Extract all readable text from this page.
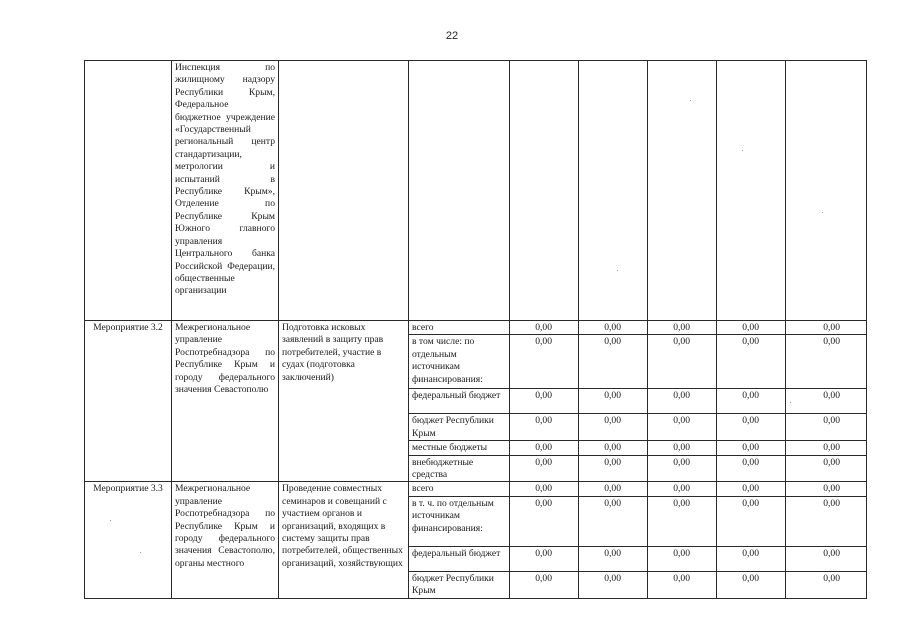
22

	Инспекция по жилищному надзору Республики Крым, Федеральное бюджетное учреждение «Государственный региональный центр стандартизации, метрологии и испытаний в Республике Крым», Отделение по Республике Крым Южного главного управления Центрального банка Российской Федерации, общественные организации							

Мероприятие 3.2	Межрегиональное управление Роспотребнадзора по Республике Крым и городу федерального значения Севастополю	Подготовка исковых заявлений в защиту прав потребителей, участие в судах (подготовка заключений)	всего	0,00	0,00	0,00	0,00	0,00
			в том числе: по отдельным источникам финансирования:	0,00	0,00	0,00	0,00	0,00
			федеральный бюджет	0,00	0,00	0,00	0,00	0,00
			бюджет Республики Крым	0,00	0,00	0,00	0,00	0,00
			местные бюджеты	0,00	0,00	0,00	0,00	0,00
			внебюджетные средства	0,00	0,00	0,00	0,00	0,00
Мероприятие 3.3	Межрегиональное управление Роспотребнадзора по Республике Крым и городу федерального значения Севастополю, органы местного	Проведение совместных семинаров и совещаний с участием органов и организаций, входящих в систему защиты прав потребителей, общественных организаций, хозяйствующих	всего	0,00	0,00	0,00	0,00	0,00
			в т. ч. по отдельным источникам финансирования:	0,00	0,00	0,00	0,00	0,00
			федеральный бюджет	0,00	0,00	0,00	0,00	0,00
			бюджет Республики Крым	0,00	0,00	0,00	0,00	0,00
